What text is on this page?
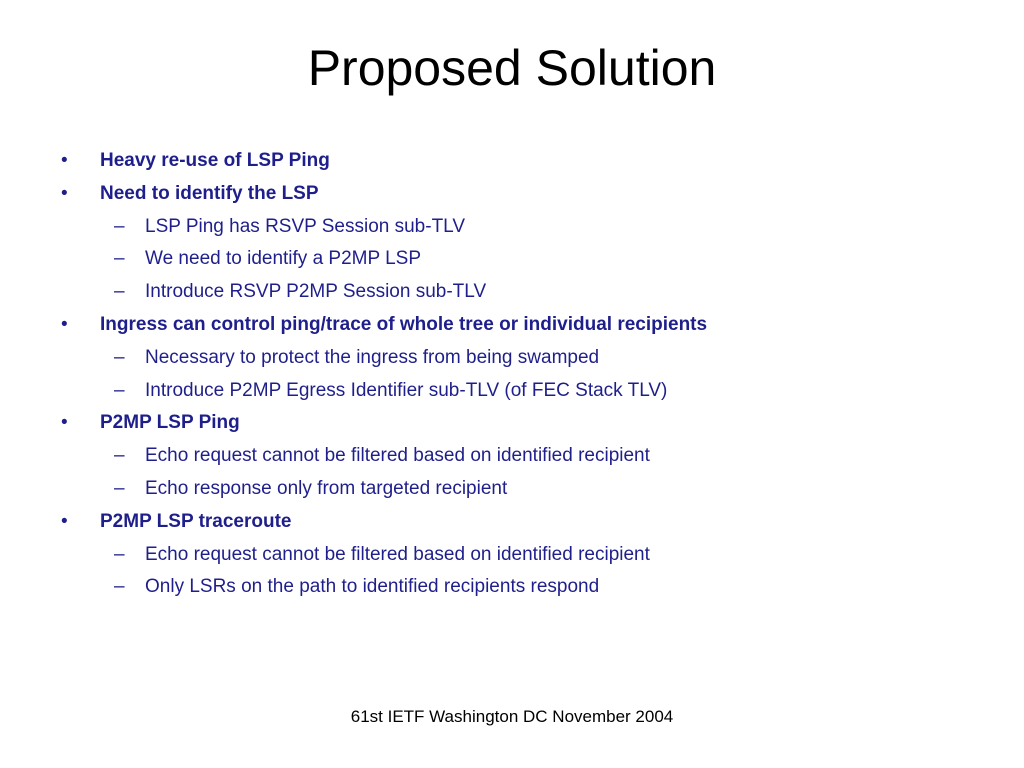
Proposed Solution
• Heavy re-use of LSP Ping
• Need to identify the LSP
– LSP Ping has RSVP Session sub-TLV
– We need to identify a P2MP LSP
– Introduce RSVP P2MP Session sub-TLV
• Ingress can control ping/trace of whole tree or individual recipients
– Necessary to protect the ingress from being swamped
– Introduce P2MP Egress Identifier sub-TLV (of FEC Stack TLV)
• P2MP LSP Ping
– Echo request cannot be filtered based on identified recipient
– Echo response only from targeted recipient
• P2MP LSP traceroute
– Echo request cannot be filtered based on identified recipient
– Only LSRs on the path to identified recipients respond
61st IETF Washington DC November 2004
